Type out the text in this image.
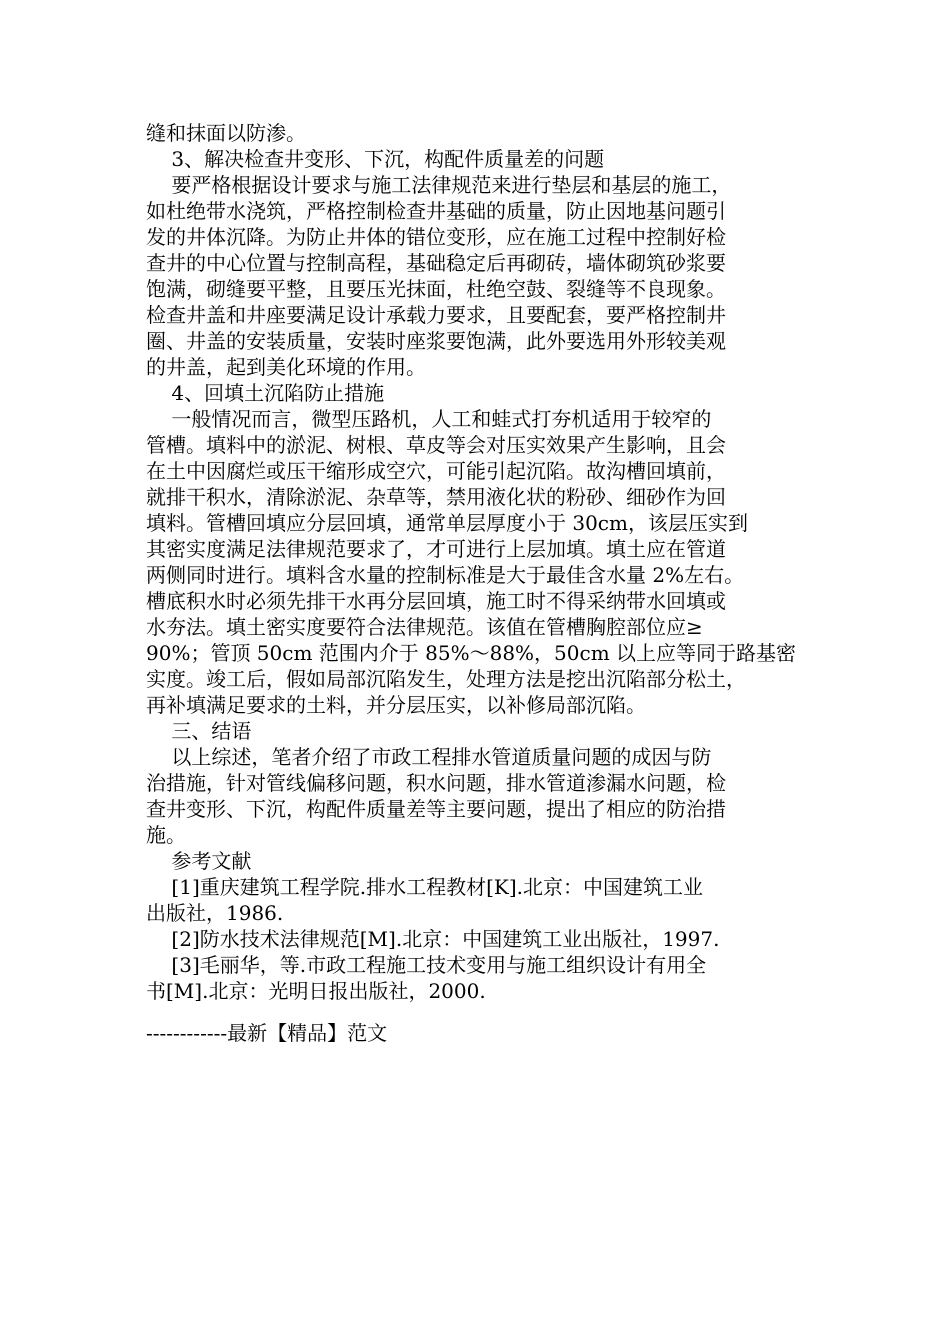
缝和抹面以防渗。
3、解决检查井变形、下沉，构配件质量差的问题
要严格根据设计要求与施工法律规范来进行垫层和基层的施工，
如杜绝带水浇筑，严格控制检查井基础的质量，防止因地基问题引
发的井体沉降。为防止井体的错位变形，应在施工过程中控制好检
查井的中心位置与控制高程，基础稳定后再砌砖，墙体砌筑砂浆要
饱满，砌缝要平整，且要压光抹面，杜绝空鼓、裂缝等不良现象。
检查井盖和井座要满足设计承载力要求，且要配套，要严格控制井
圈、井盖的安装质量，安装时座浆要饱满，此外要选用外形较美观
的井盖，起到美化环境的作用。
4、回填土沉陷防止措施
一般情况而言，微型压路机，人工和蛙式打夯机适用于较窄的
管槽。填料中的淤泥、树根、草皮等会对压实效果产生影响，且会
在土中因腐烂或压干缩形成空穴，可能引起沉陷。故沟槽回填前，
就排干积水，清除淤泥、杂草等，禁用液化状的粉砂、细砂作为回
填料。管槽回填应分层回填，通常单层厚度小于 30cm，该层压实到
其密实度满足法律规范要求了，才可进行上层加填。填土应在管道
两侧同时进行。填料含水量的控制标准是大于最佳含水量 2%左右。
槽底积水时必须先排干水再分层回填，施工时不得采纳带水回填或
水夯法。填土密实度要符合法律规范。该值在管槽胸腔部位应≥
90%；管顶 50cm 范围内介于 85%～88%，50cm 以上应等同于路基密
实度。竣工后，假如局部沉陷发生，处理方法是挖出沉陷部分松土，
再补填满足要求的土料，并分层压实，以补修局部沉陷。
三、结语
以上综述，笔者介绍了市政工程排水管道质量问题的成因与防
治措施，针对管线偏移问题，积水问题，排水管道渗漏水问题，检
查井变形、下沉，构配件质量差等主要问题，提出了相应的防治措
施。
参考文献
[1]重庆建筑工程学院.排水工程教材[K].北京：中国建筑工业
出版社，1986.
[2]防水技术法律规范[M].北京：中国建筑工业出版社，1997.
[3]毛丽华，等.市政工程施工技术变用与施工组织设计有用全
书[M].北京：光明日报出版社，2000.
------------最新【精品】范文
